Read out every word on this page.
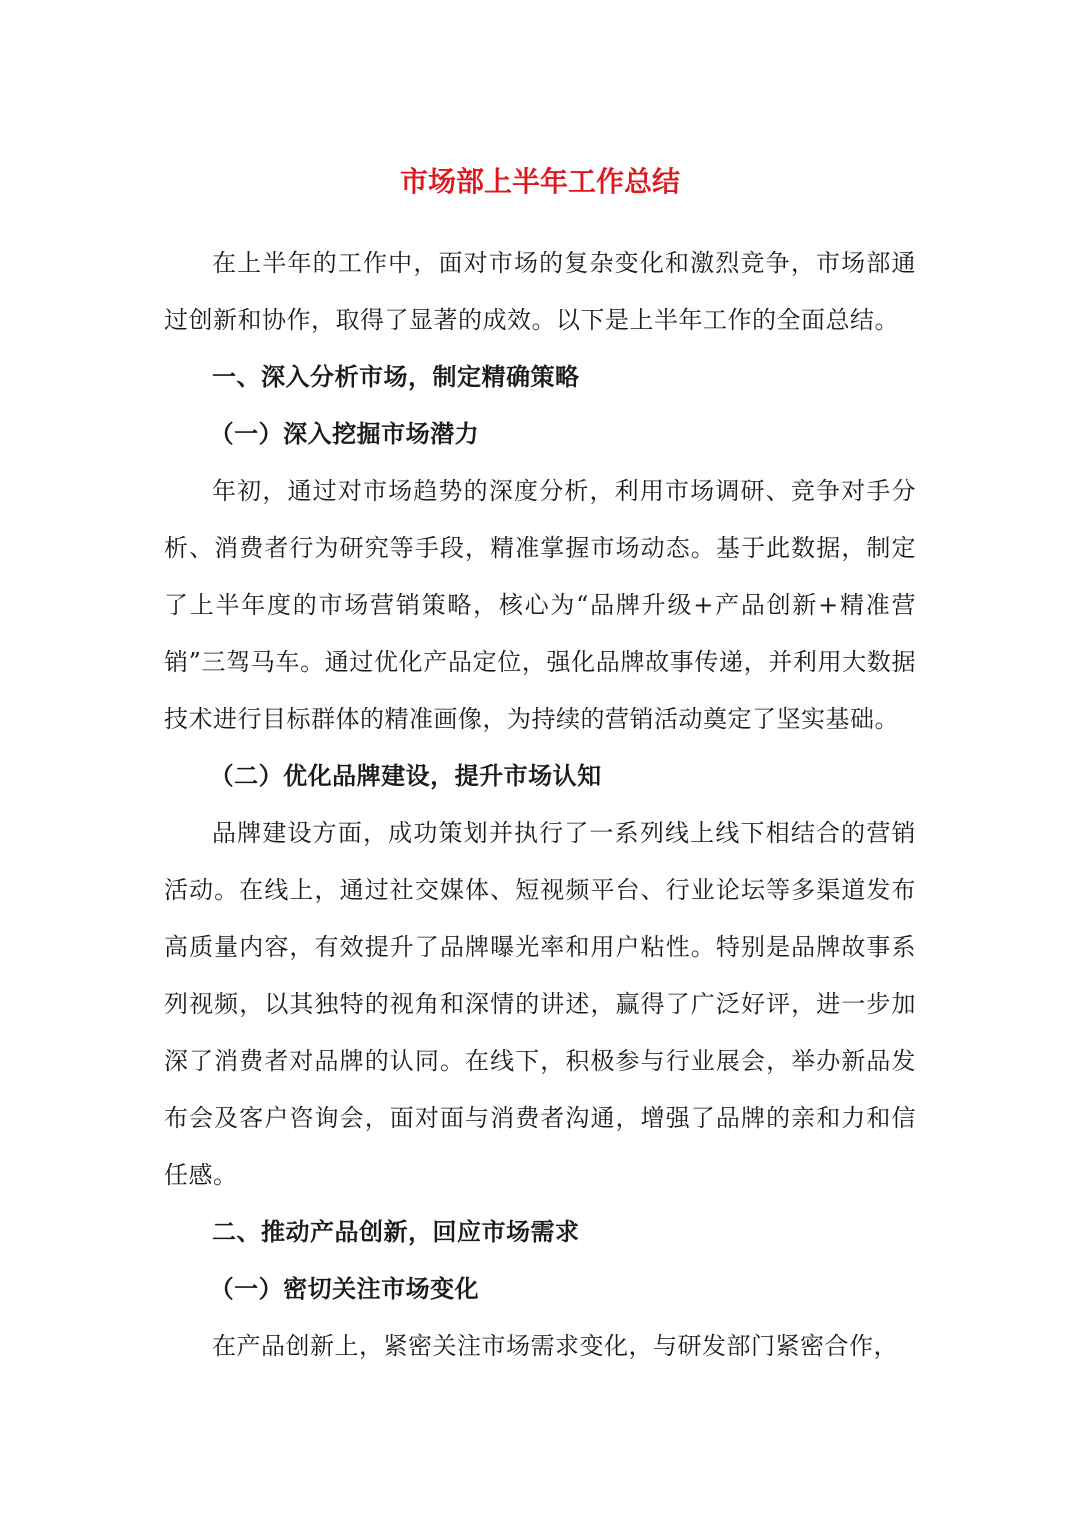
市场部上半年工作总结

在上半年的工作中，面对市场的复杂变化和激烈竞争，市场部通过创新和协作，取得了显著的成效。以下是上半年工作的全面总结。

一、深入分析市场，制定精确策略

（一）深入挖掘市场潜力

年初，通过对市场趋势的深度分析，利用市场调研、竞争对手分析、消费者行为研究等手段，精准掌握市场动态。基于此数据，制定了上半年度的市场营销策略，核心为“品牌升级+产品创新+精准营销”三驾马车。通过优化产品定位，强化品牌故事传递，并利用大数据技术进行目标群体的精准画像，为持续的营销活动奠定了坚实基础。

（二）优化品牌建设，提升市场认知

品牌建设方面，成功策划并执行了一系列线上线下相结合的营销活动。在线上，通过社交媒体、短视频平台、行业论坛等多渠道发布高质量内容，有效提升了品牌曝光率和用户粘性。特别是品牌故事系列视频，以其独特的视角和深情的讲述，赢得了广泛好评，进一步加深了消费者对品牌的认同。在线下，积极参与行业展会，举办新品发布会及客户咨询会，面对面与消费者沟通，增强了品牌的亲和力和信任感。

二、推动产品创新，回应市场需求

（一）密切关注市场变化

在产品创新上，紧密关注市场需求变化，与研发部门紧密合作，
